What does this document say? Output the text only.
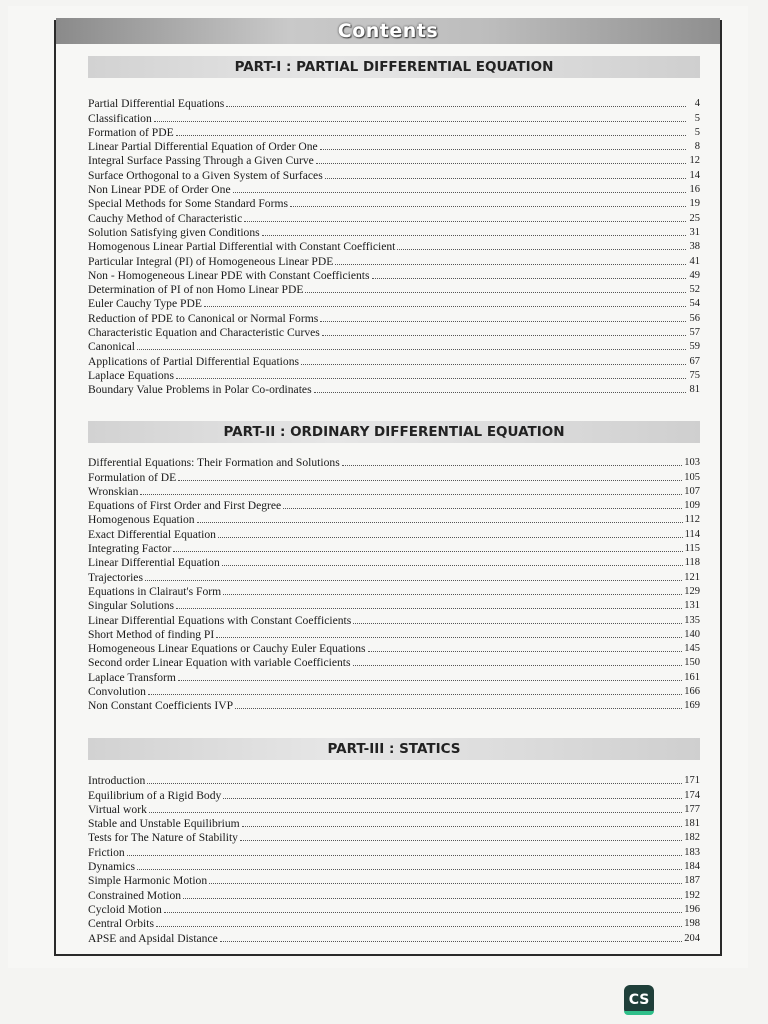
Contents
PART-I : PARTIAL DIFFERENTIAL EQUATION
Partial Differential Equations	4
Classification	5
Formation of PDE	5
Linear Partial Differential Equation of Order One	8
Integral Surface Passing Through a Given Curve	12
Surface Orthogonal to a Given System of Surfaces	14
Non Linear PDE of Order One	16
Special Methods for Some Standard Forms	19
Cauchy Method of Characteristic	25
Solution Satisfying given Conditions	31
Homogenous Linear Partial Differential with Constant Coefficient	38
Particular Integral (PI) of Homogeneous Linear PDE	41
Non - Homogeneous Linear PDE with Constant Coefficients	49
Determination of PI of non Homo Linear PDE	52
Euler Cauchy Type PDE	54
Reduction of PDE to Canonical or Normal Forms	56
Characteristic Equation and Characteristic Curves	57
Canonical	59
Applications of Partial Differential Equations	67
Laplace Equations	75
Boundary Value Problems in Polar Co-ordinates	81
PART-II : ORDINARY DIFFERENTIAL EQUATION
Differential Equations: Their Formation and Solutions	103
Formulation of DE	105
Wronskian	107
Equations of First Order and First Degree	109
Homogenous Equation	112
Exact Differential Equation	114
Integrating Factor	115
Linear Differential Equation	118
Trajectories	121
Equations in Clairaut's Form	129
Singular Solutions	131
Linear Differential Equations with Constant Coefficients	135
Short Method of finding PI	140
Homogeneous Linear Equations or Cauchy Euler Equations	145
Second order Linear Equation with variable Coefficients	150
Laplace Transform	161
Convolution	166
Non Constant Coefficients IVP	169
PART-III : STATICS
Introduction	171
Equilibrium of a Rigid Body	174
Virtual work	177
Stable and Unstable Equilibrium	181
Tests for The Nature of Stability	182
Friction	183
Dynamics	184
Simple Harmonic Motion	187
Constrained Motion	192
Cycloid Motion	196
Central Orbits	198
APSE and Apsidal Distance	204
CS
